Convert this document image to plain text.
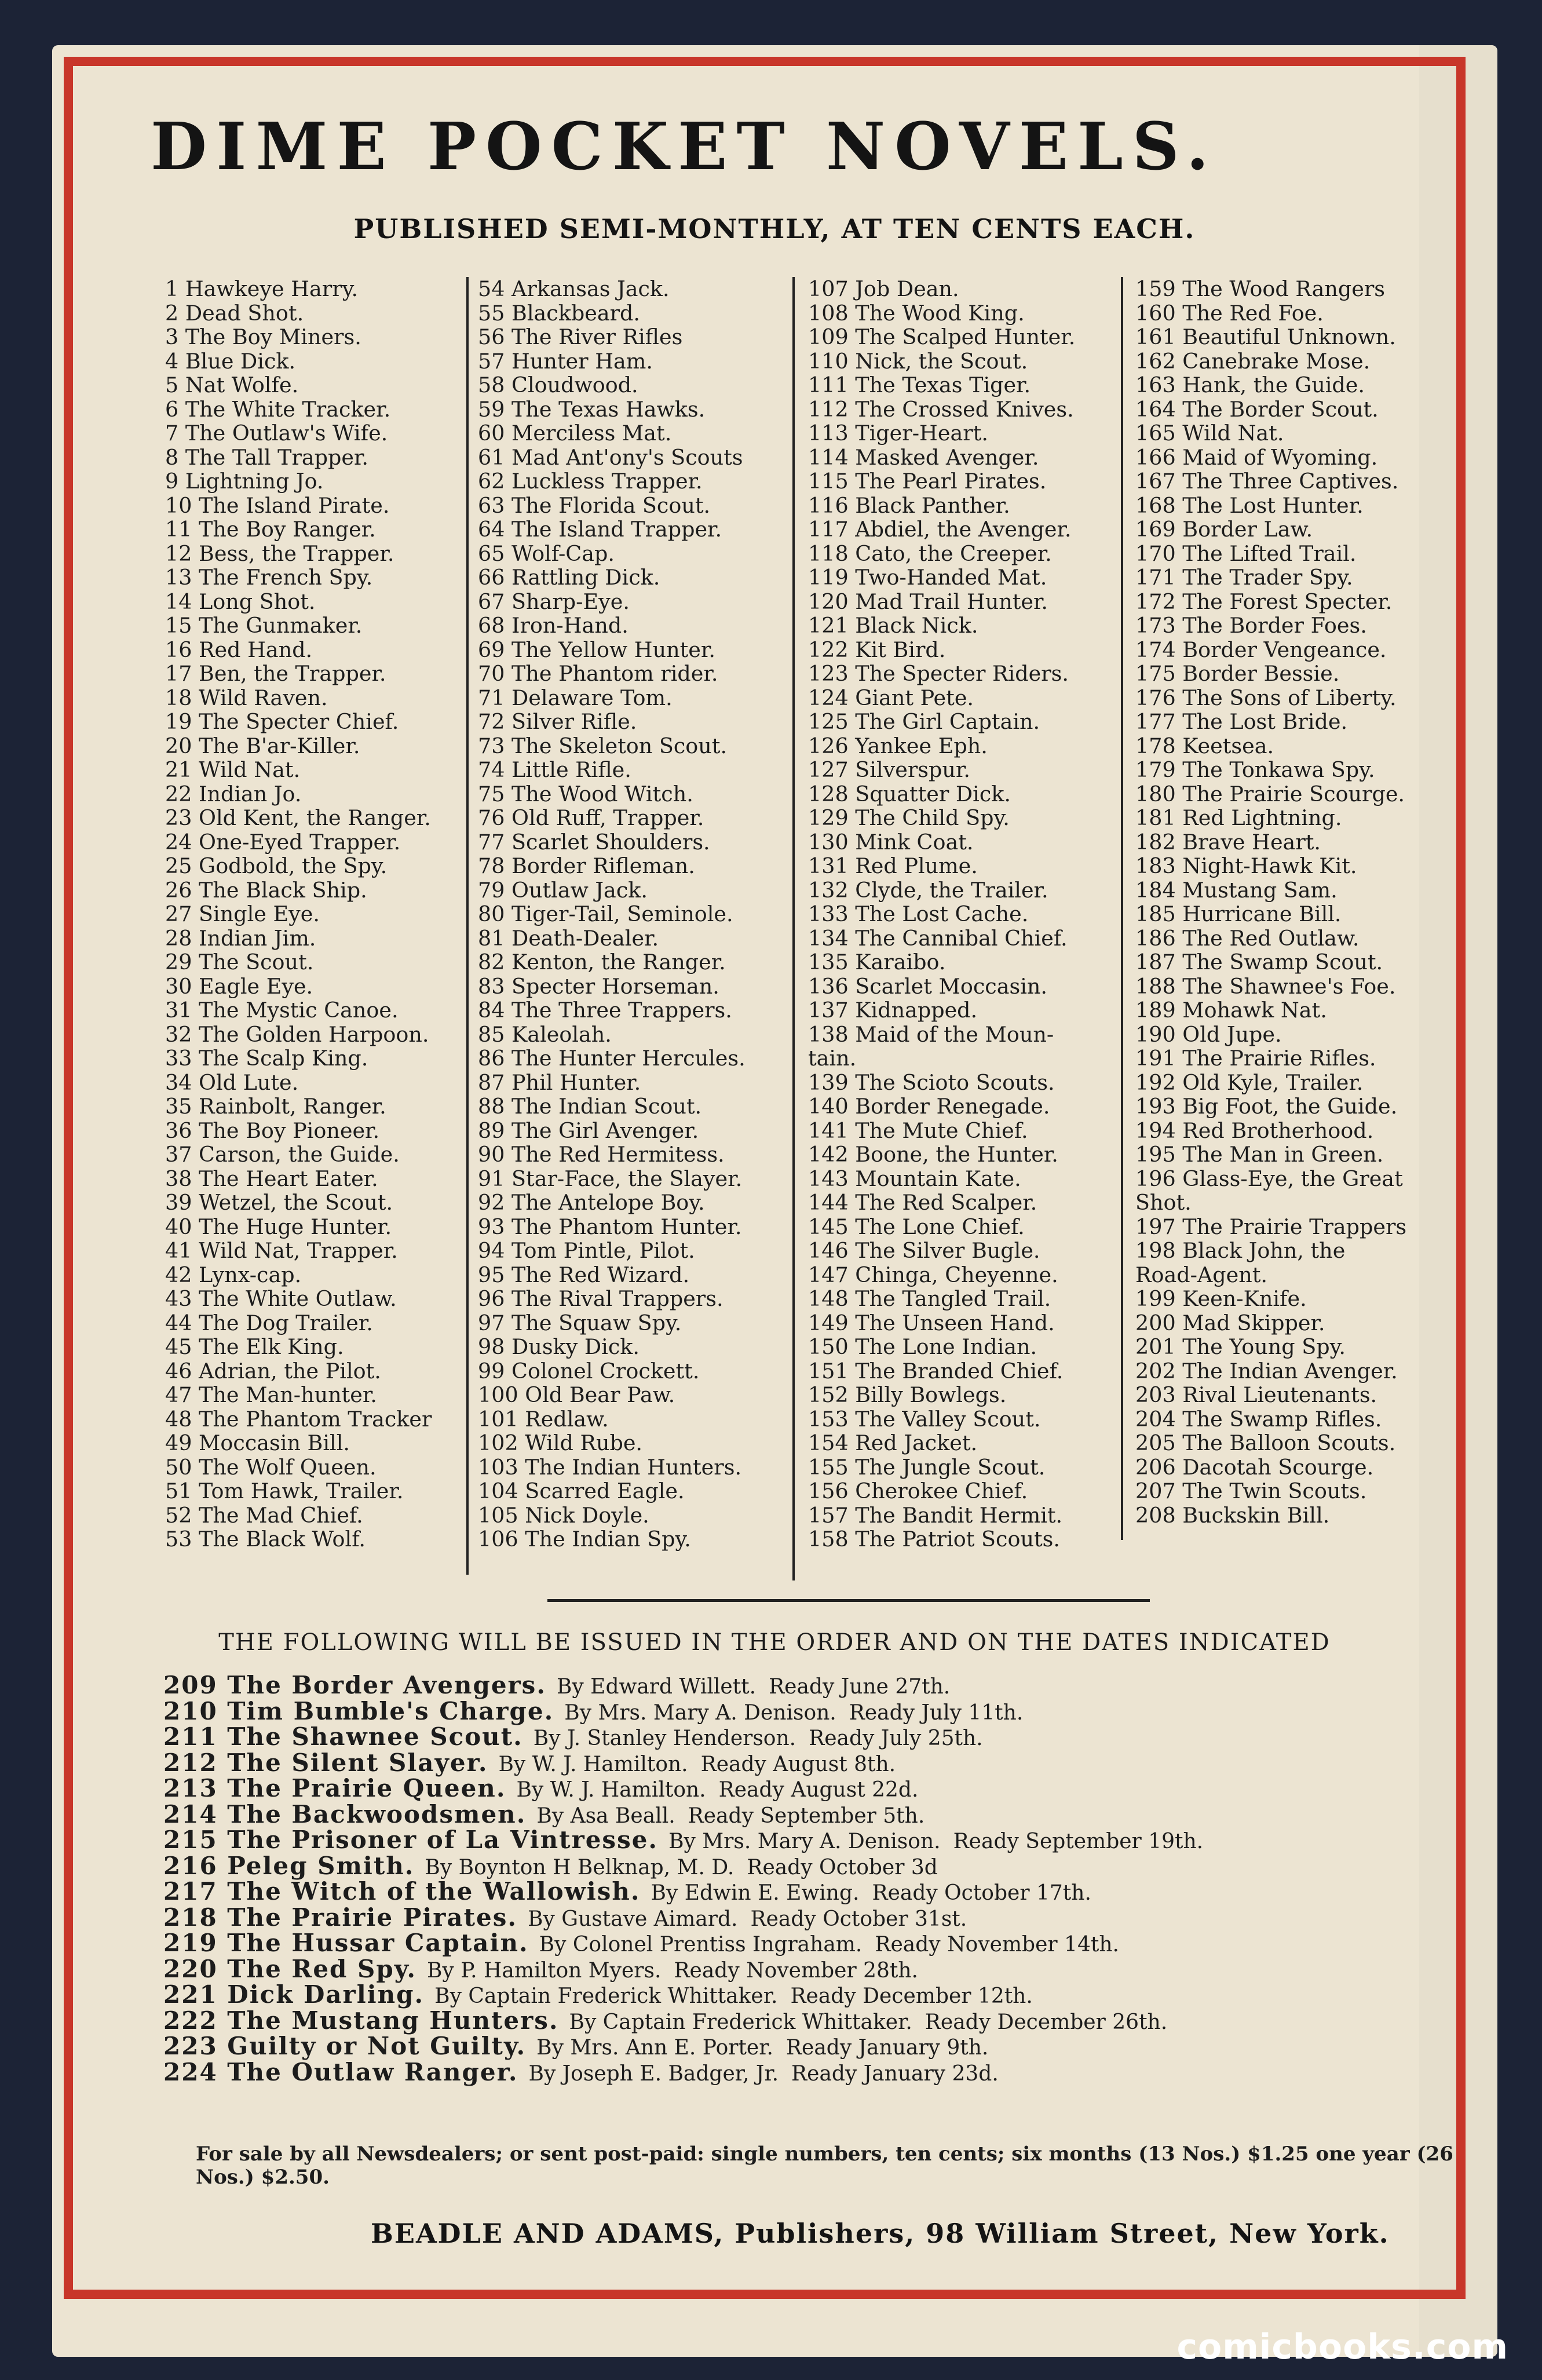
DIME POCKET NOVELS.
PUBLISHED SEMI-MONTHLY, AT TEN CENTS EACH.
1 Hawkeye Harry.
2 Dead Shot.
3 The Boy Miners.
4 Blue Dick.
5 Nat Wolfe.
6 The White Tracker.
7 The Outlaw's Wife.
8 The Tall Trapper.
9 Lightning Jo.
10 The Island Pirate.
11 The Boy Ranger.
12 Bess, the Trapper.
13 The French Spy.
14 Long Shot.
15 The Gunmaker.
16 Red Hand.
17 Ben, the Trapper.
18 Wild Raven.
19 The Specter Chief.
20 The B'ar-Killer.
21 Wild Nat.
22 Indian Jo.
23 Old Kent, the Ranger.
24 One-Eyed Trapper.
25 Godbold, the Spy.
26 The Black Ship.
27 Single Eye.
28 Indian Jim.
29 The Scout.
30 Eagle Eye.
31 The Mystic Canoe.
32 The Golden Harpoon.
33 The Scalp King.
34 Old Lute.
35 Rainbolt, Ranger.
36 The Boy Pioneer.
37 Carson, the Guide.
38 The Heart Eater.
39 Wetzel, the Scout.
40 The Huge Hunter.
41 Wild Nat, Trapper.
42 Lynx-cap.
43 The White Outlaw.
44 The Dog Trailer.
45 The Elk King.
46 Adrian, the Pilot.
47 The Man-hunter.
48 The Phantom Tracker
49 Moccasin Bill.
50 The Wolf Queen.
51 Tom Hawk, Trailer.
52 The Mad Chief.
53 The Black Wolf.
54 Arkansas Jack.
55 Blackbeard.
56 The River Rifles
57 Hunter Ham.
58 Cloudwood.
59 The Texas Hawks.
60 Merciless Mat.
61 Mad Ant'ony's Scouts
62 Luckless Trapper.
63 The Florida Scout.
64 The Island Trapper.
65 Wolf-Cap.
66 Rattling Dick.
67 Sharp-Eye.
68 Iron-Hand.
69 The Yellow Hunter.
70 The Phantom rider.
71 Delaware Tom.
72 Silver Rifle.
73 The Skeleton Scout.
74 Little Rifle.
75 The Wood Witch.
76 Old Ruff, Trapper.
77 Scarlet Shoulders.
78 Border Rifleman.
79 Outlaw Jack.
80 Tiger-Tail, Seminole.
81 Death-Dealer.
82 Kenton, the Ranger.
83 Specter Horseman.
84 The Three Trappers.
85 Kaleolah.
86 The Hunter Hercules.
87 Phil Hunter.
88 The Indian Scout.
89 The Girl Avenger.
90 The Red Hermitess.
91 Star-Face, the Slayer.
92 The Antelope Boy.
93 The Phantom Hunter.
94 Tom Pintle, Pilot.
95 The Red Wizard.
96 The Rival Trappers.
97 The Squaw Spy.
98 Dusky Dick.
99 Colonel Crockett.
100 Old Bear Paw.
101 Redlaw.
102 Wild Rube.
103 The Indian Hunters.
104 Scarred Eagle.
105 Nick Doyle.
106 The Indian Spy.
107 Job Dean.
108 The Wood King.
109 The Scalped Hunter.
110 Nick, the Scout.
111 The Texas Tiger.
112 The Crossed Knives.
113 Tiger-Heart.
114 Masked Avenger.
115 The Pearl Pirates.
116 Black Panther.
117 Abdiel, the Avenger.
118 Cato, the Creeper.
119 Two-Handed Mat.
120 Mad Trail Hunter.
121 Black Nick.
122 Kit Bird.
123 The Specter Riders.
124 Giant Pete.
125 The Girl Captain.
126 Yankee Eph.
127 Silverspur.
128 Squatter Dick.
129 The Child Spy.
130 Mink Coat.
131 Red Plume.
132 Clyde, the Trailer.
133 The Lost Cache.
134 The Cannibal Chief.
135 Karaibo.
136 Scarlet Moccasin.
137 Kidnapped.
138 Maid of the Moun-
tain.
139 The Scioto Scouts.
140 Border Renegade.
141 The Mute Chief.
142 Boone, the Hunter.
143 Mountain Kate.
144 The Red Scalper.
145 The Lone Chief.
146 The Silver Bugle.
147 Chinga, Cheyenne.
148 The Tangled Trail.
149 The Unseen Hand.
150 The Lone Indian.
151 The Branded Chief.
152 Billy Bowlegs.
153 The Valley Scout.
154 Red Jacket.
155 The Jungle Scout.
156 Cherokee Chief.
157 The Bandit Hermit.
158 The Patriot Scouts.
159 The Wood Rangers
160 The Red Foe.
161 Beautiful Unknown.
162 Canebrake Mose.
163 Hank, the Guide.
164 The Border Scout.
165 Wild Nat.
166 Maid of Wyoming.
167 The Three Captives.
168 The Lost Hunter.
169 Border Law.
170 The Lifted Trail.
171 The Trader Spy.
172 The Forest Specter.
173 The Border Foes.
174 Border Vengeance.
175 Border Bessie.
176 The Sons of Liberty.
177 The Lost Bride.
178 Keetsea.
179 The Tonkawa Spy.
180 The Prairie Scourge.
181 Red Lightning.
182 Brave Heart.
183 Night-Hawk Kit.
184 Mustang Sam.
185 Hurricane Bill.
186 The Red Outlaw.
187 The Swamp Scout.
188 The Shawnee's Foe.
189 Mohawk Nat.
190 Old Jupe.
191 The Prairie Rifles.
192 Old Kyle, Trailer.
193 Big Foot, the Guide.
194 Red Brotherhood.
195 The Man in Green.
196 Glass-Eye, the Great
Shot.
197 The Prairie Trappers
198 Black John, the
Road-Agent.
199 Keen-Knife.
200 Mad Skipper.
201 The Young Spy.
202 The Indian Avenger.
203 Rival Lieutenants.
204 The Swamp Rifles.
205 The Balloon Scouts.
206 Dacotah Scourge.
207 The Twin Scouts.
208 Buckskin Bill.
THE FOLLOWING WILL BE ISSUED IN THE ORDER AND ON THE DATES INDICATED
209 The Border Avengers. By Edward Willett. Ready June 27th.
210 Tim Bumble's Charge. By Mrs. Mary A. Denison. Ready July 11th.
211 The Shawnee Scout. By J. Stanley Henderson. Ready July 25th.
212 The Silent Slayer. By W. J. Hamilton. Ready August 8th.
213 The Prairie Queen. By W. J. Hamilton. Ready August 22d.
214 The Backwoodsmen. By Asa Beall. Ready September 5th.
215 The Prisoner of La Vintresse. By Mrs. Mary A. Denison. Ready September 19th.
216 Peleg Smith. By Boynton H Belknap, M. D. Ready October 3d
217 The Witch of the Wallowish. By Edwin E. Ewing. Ready October 17th.
218 The Prairie Pirates. By Gustave Aimard. Ready October 31st.
219 The Hussar Captain. By Colonel Prentiss Ingraham. Ready November 14th.
220 The Red Spy. By P. Hamilton Myers. Ready November 28th.
221 Dick Darling. By Captain Frederick Whittaker. Ready December 12th.
222 The Mustang Hunters. By Captain Frederick Whittaker. Ready December 26th.
223 Guilty or Not Guilty. By Mrs. Ann E. Porter. Ready January 9th.
224 The Outlaw Ranger. By Joseph E. Badger, Jr. Ready January 23d.
For sale by all Newsdealers; or sent post-paid: single numbers, ten cents; six months (13 Nos.) $1.25 one year (26 Nos.) $2.50.
BEADLE AND ADAMS, Publishers, 98 William Street, New York.
comicbooks.com
